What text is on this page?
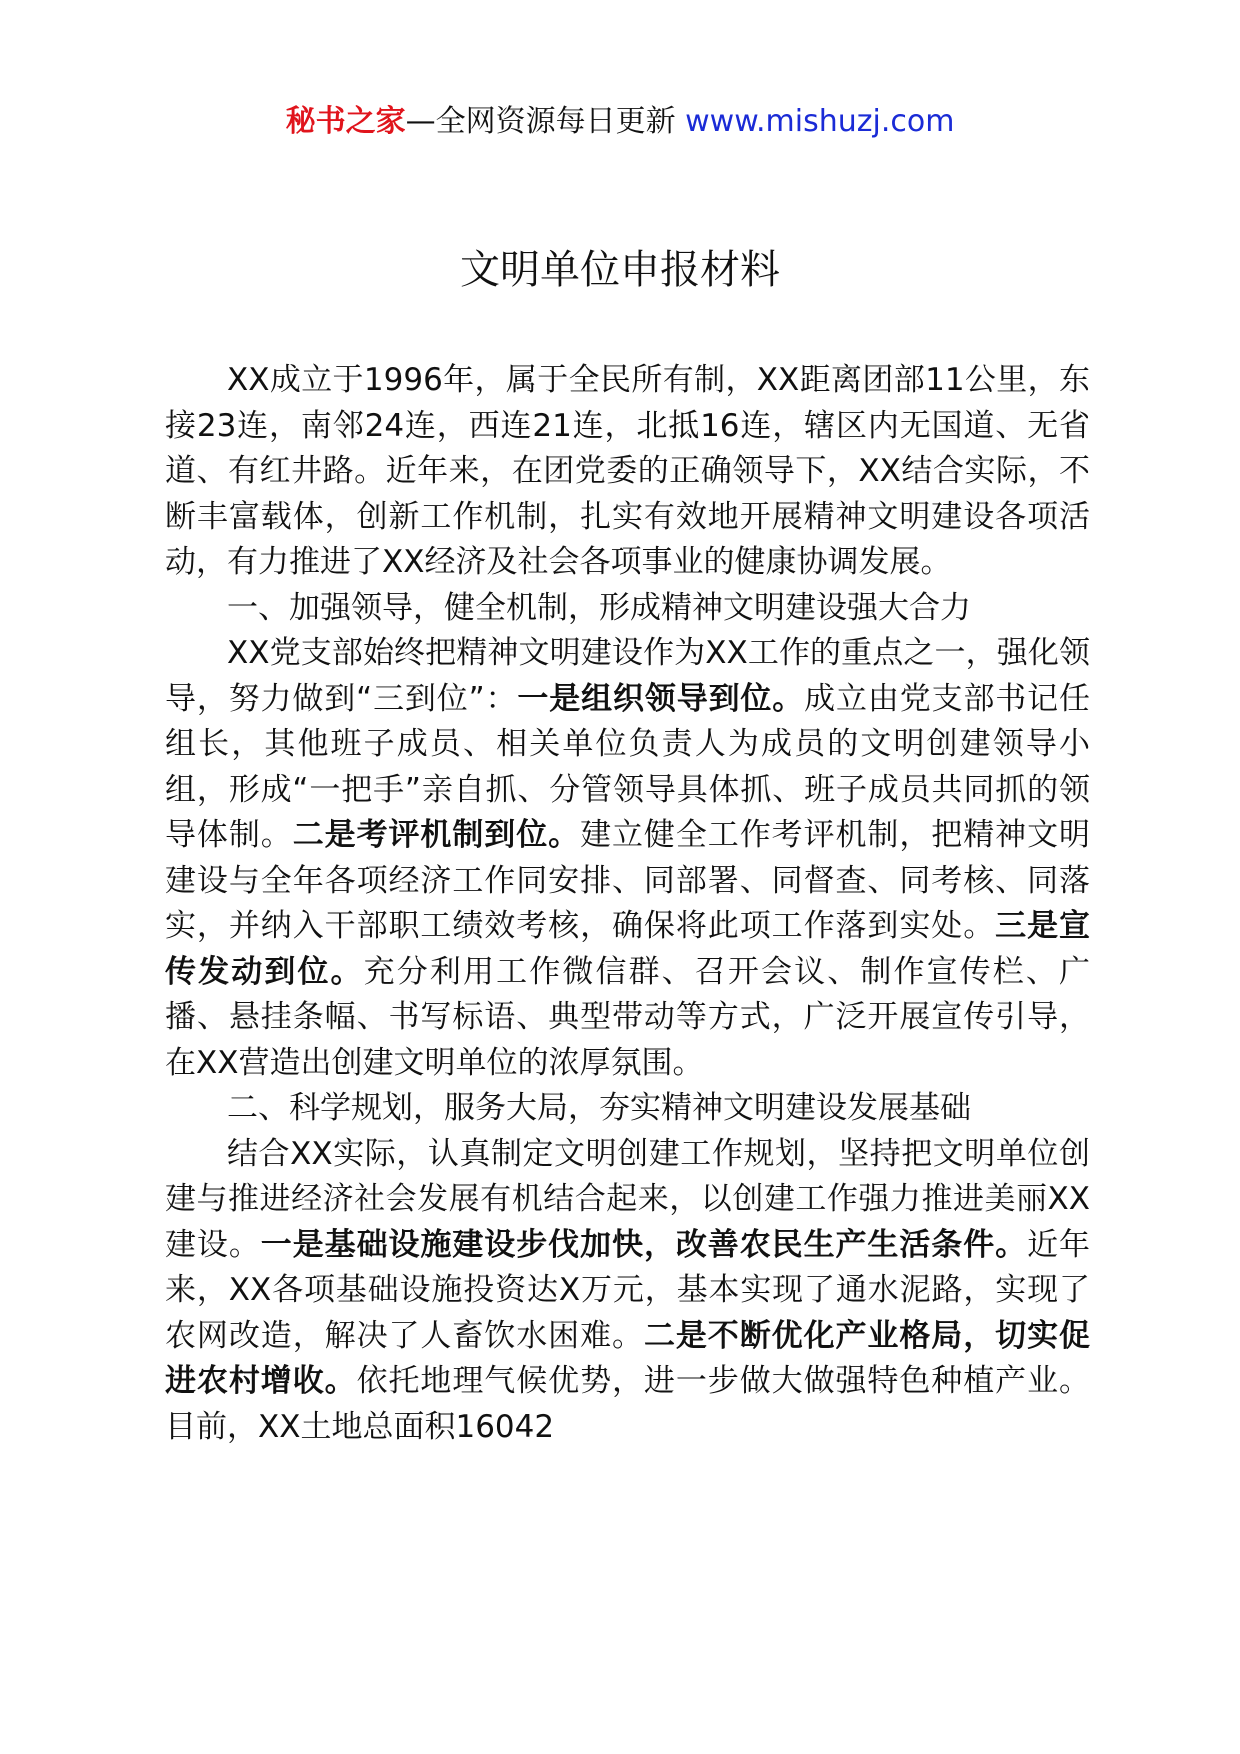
秘书之家—全网资源每日更新 www.mishuzj.com
文明单位申报材料

XX成立于1996年，属于全民所有制，XX距离团部11公里，东接23连，南邻24连，西连21连，北抵16连，辖区内无国道、无省道、有红井路。近年来，在团党委的正确领导下，XX结合实际，不断丰富载体，创新工作机制，扎实有效地开展精神文明建设各项活动，有力推进了XX经济及社会各项事业的健康协调发展。

一、加强领导，健全机制，形成精神文明建设强大合力

XX党支部始终把精神文明建设作为XX工作的重点之一，强化领导，努力做到“三到位”：一是组织领导到位。成立由党支部书记任组长，其他班子成员、相关单位负责人为成员的文明创建领导小组，形成“一把手”亲自抓、分管领导具体抓、班子成员共同抓的领导体制。二是考评机制到位。建立健全工作考评机制，把精神文明建设与全年各项经济工作同安排、同部署、同督查、同考核、同落实，并纳入干部职工绩效考核，确保将此项工作落到实处。三是宣传发动到位。充分利用工作微信群、召开会议、制作宣传栏、广播、悬挂条幅、书写标语、典型带动等方式，广泛开展宣传引导，在XX营造出创建文明单位的浓厚氛围。

二、科学规划，服务大局，夯实精神文明建设发展基础

结合XX实际，认真制定文明创建工作规划，坚持把文明单位创建与推进经济社会发展有机结合起来，以创建工作强力推进美丽XX建设。一是基础设施建设步伐加快，改善农民生产生活条件。近年来，XX各项基础设施投资达X万元，基本实现了通水泥路，实现了农网改造，解决了人畜饮水困难。二是不断优化产业格局，切实促进农村增收。依托地理气候优势，进一步做大做强特色种植产业。目前，XX土地总面积16042
